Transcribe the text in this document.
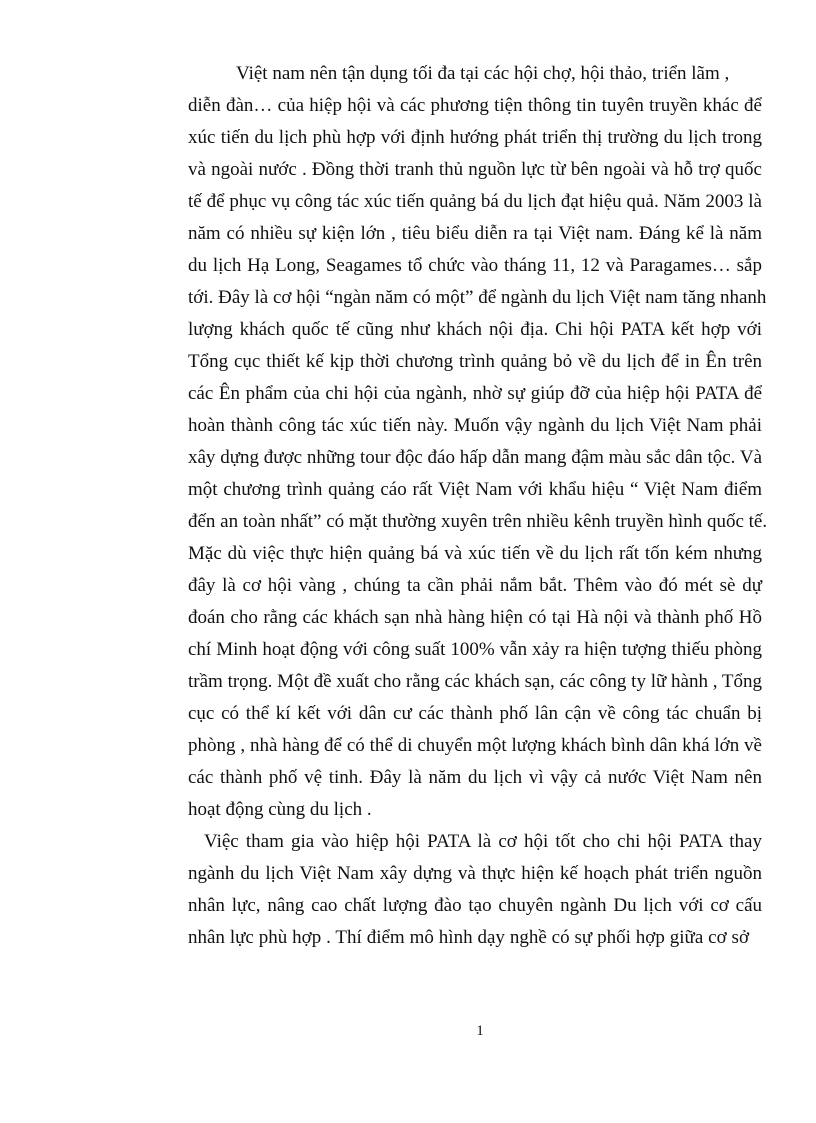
Việt nam nên tận dụng tối đa tại các hội chợ, hội thảo, triển lãm ,
diễn đàn… của hiệp hội và các phương tiện thông tin tuyên truyền khác để
xúc tiến du lịch phù hợp với định hướng phát triển thị trường du lịch trong
và ngoài nước . Đồng thời tranh thủ nguồn lực từ bên ngoài và hỗ trợ quốc
tế để phục vụ công tác xúc tiến quảng bá du lịch đạt hiệu quả. Năm 2003 là
năm có nhiều sự kiện lớn , tiêu biểu diễn ra tại Việt nam. Đáng kể là năm
du lịch Hạ Long, Seagames tổ chức vào tháng 11, 12 và Paragames… sắp
tới. Đây là cơ hội “ngàn năm có một” để ngành du lịch Việt nam tăng nhanh
lượng khách quốc tế cũng như khách nội địa. Chi hội PATA kết hợp với
Tổng cục thiết kế kịp thời chương trình quảng bỏ về du lịch để in Ên trên
các Ên phẩm của chi hội của ngành, nhờ sự giúp đỡ của hiệp hội PATA để
hoàn thành công tác xúc tiến này. Muốn vậy ngành du lịch Việt Nam phải
xây dựng được những tour độc đáo hấp dẫn mang đậm màu sắc dân tộc. Và
một chương trình quảng cáo rất Việt Nam với khẩu hiệu “ Việt Nam điểm
đến an toàn nhất” có mặt thường xuyên trên nhiều kênh truyền hình quốc tế.
Mặc dù việc thực hiện quảng bá và xúc tiến về du lịch rất tốn kém nhưng
đây là cơ hội vàng , chúng ta cần phải nắm bắt. Thêm vào đó mét sè dự
đoán cho rằng các khách sạn nhà hàng hiện có tại Hà nội và thành phố Hồ
chí Minh hoạt động với công suất 100% vẫn xảy ra hiện tượng thiếu phòng
trầm trọng. Một đề xuất cho rằng các khách sạn, các công ty lữ hành , Tổng
cục có thể kí kết với dân cư các thành phố lân cận về công tác chuẩn bị
phòng , nhà hàng để có thể di chuyển một lượng khách bình dân khá lớn về
các thành phố vệ tinh. Đây là năm du lịch vì vậy cả nước Việt Nam nên
hoạt động cùng du lịch .
Việc tham gia vào hiệp hội PATA là cơ hội tốt cho chi hội PATA thay
ngành du lịch Việt Nam xây dựng và thực hiện kế hoạch phát triển nguồn
nhân lực, nâng cao chất lượng đào tạo chuyên ngành Du lịch với cơ cấu
nhân lực phù hợp . Thí điểm mô hình dạy nghề có sự phối hợp giữa cơ sở
1
